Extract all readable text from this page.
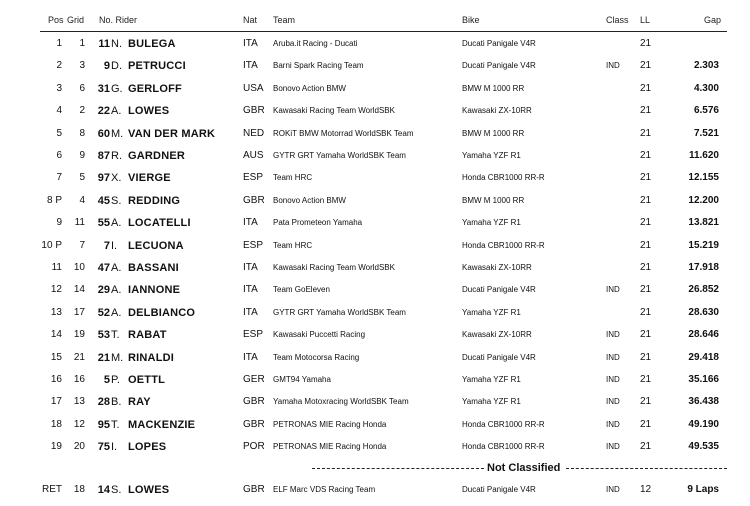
Pos Grid No. Rider	Nat Team	Bike	Class LL	Gap
1 1 11 N. BULEGA	ITA Aruba.it Racing - Ducati	Ducati Panigale V4R	21
2 3 9 D. PETRUCCI	ITA Barni Spark Racing Team	Ducati Panigale V4R	IND 21	2.303
3 6 31 G. GERLOFF	USA Bonovo Action BMW	BMW M 1000 RR	21	4.300
4 2 22 A. LOWES	GBR Kawasaki Racing Team WorldSBK	Kawasaki ZX-10RR	21	6.576
5 8 60 M. VAN DER MARK	NED ROKiT BMW Motorrad WorldSBK Team	BMW M 1000 RR	21	7.521
6 9 87 R. GARDNER	AUS GYTR GRT Yamaha WorldSBK Team	Yamaha YZF R1	21	11.620
7 5 97 X. VIERGE	ESP Team HRC	Honda CBR1000 RR-R	21	12.155
8 P 4 45 S. REDDING	GBR Bonovo Action BMW	BMW M 1000 RR	21	12.200
9 11 55 A. LOCATELLI	ITA Pata Prometeon Yamaha	Yamaha YZF R1	21	13.821
10 P 7 7 I. LECUONA	ESP Team HRC	Honda CBR1000 RR-R	21	15.219
11 10 47 A. BASSANI	ITA Kawasaki Racing Team WorldSBK	Kawasaki ZX-10RR	21	17.918
12 14 29 A. IANNONE	ITA Team GoEleven	Ducati Panigale V4R	IND 21	26.852
13 17 52 A. DELBIANCO	ITA GYTR GRT Yamaha WorldSBK Team	Yamaha YZF R1	21	28.630
14 19 53 T. RABAT	ESP Kawasaki Puccetti Racing	Kawasaki ZX-10RR	IND 21	28.646
15 21 21 M. RINALDI	ITA Team Motocorsa Racing	Ducati Panigale V4R	IND 21	29.418
16 16 5 P. OETTL	GER GMT94 Yamaha	Yamaha YZF R1	IND 21	35.166
17 13 28 B. RAY	GBR Yamaha Motoxracing WorldSBK Team	Yamaha YZF R1	IND 21	36.438
18 12 95 T. MACKENZIE	GBR PETRONAS MIE Racing Honda	Honda CBR1000 RR-R	IND 21	49.190
19 20 75 I. LOPES	POR PETRONAS MIE Racing Honda	Honda CBR1000 RR-R	IND 21	49.535
Not Classified
RET 18 14 S. LOWES	GBR ELF Marc VDS Racing Team	Ducati Panigale V4R	IND 12	9 Laps
